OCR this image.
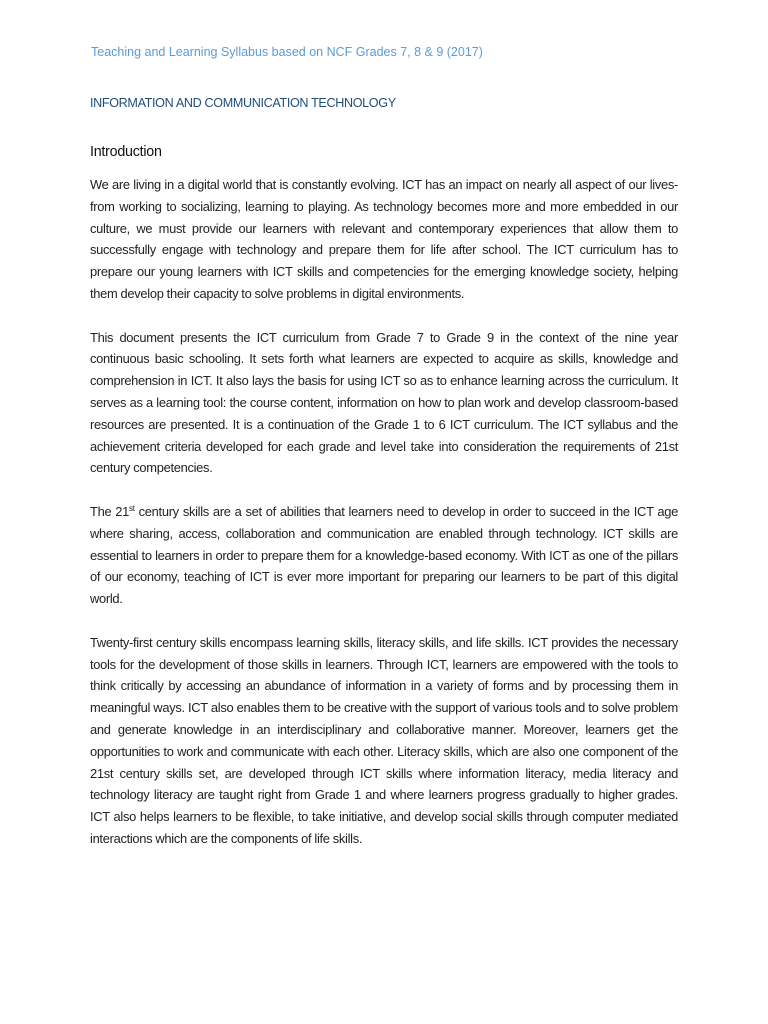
Teaching and Learning Syllabus based on NCF Grades 7, 8 & 9 (2017)
INFORMATION AND COMMUNICATION TECHNOLOGY
Introduction

We are living in a digital world that is constantly evolving. ICT has an impact on nearly all aspect of our lives- from working to socializing, learning to playing. As technology becomes more and more embedded in our culture, we must provide our learners with relevant and contemporary experiences that allow them to successfully engage with technology and prepare them for life after school. The ICT curriculum has to prepare our young learners with ICT skills and competencies for the emerging knowledge society, helping them develop their capacity to solve problems in digital environments.

This document presents the ICT curriculum from Grade 7 to Grade 9 in the context of the nine year continuous basic schooling. It sets forth what learners are expected to acquire as skills, knowledge and comprehension in ICT. It also lays the basis for using ICT so as to enhance learning across the curriculum. It serves as a learning tool: the course content, information on how to plan work and develop classroom-based resources are presented. It is a continuation of the Grade 1 to 6 ICT curriculum. The ICT syllabus and the achievement criteria developed for each grade and level take into consideration the requirements of 21st century competencies.

The 21st century skills are a set of abilities that learners need to develop in order to succeed in the ICT age where sharing, access, collaboration and communication are enabled through technology. ICT skills are essential to learners in order to prepare them for a knowledge-based economy. With ICT as one of the pillars of our economy, teaching of ICT is ever more important for preparing our learners to be part of this digital world.

Twenty-first century skills encompass learning skills, literacy skills, and life skills. ICT provides the necessary tools for the development of those skills in learners. Through ICT, learners are empowered with the tools to think critically by accessing an abundance of information in a variety of forms and by processing them in meaningful ways. ICT also enables them to be creative with the support of various tools and to solve problem and generate knowledge in an interdisciplinary and collaborative manner. Moreover, learners get the opportunities to work and communicate with each other. Literacy skills, which are also one component of the 21st century skills set, are developed through ICT skills where information literacy, media literacy and technology literacy are taught right from Grade 1 and where learners progress gradually to higher grades. ICT also helps learners to be flexible, to take initiative, and develop social skills through computer mediated interactions which are the components of life skills.
